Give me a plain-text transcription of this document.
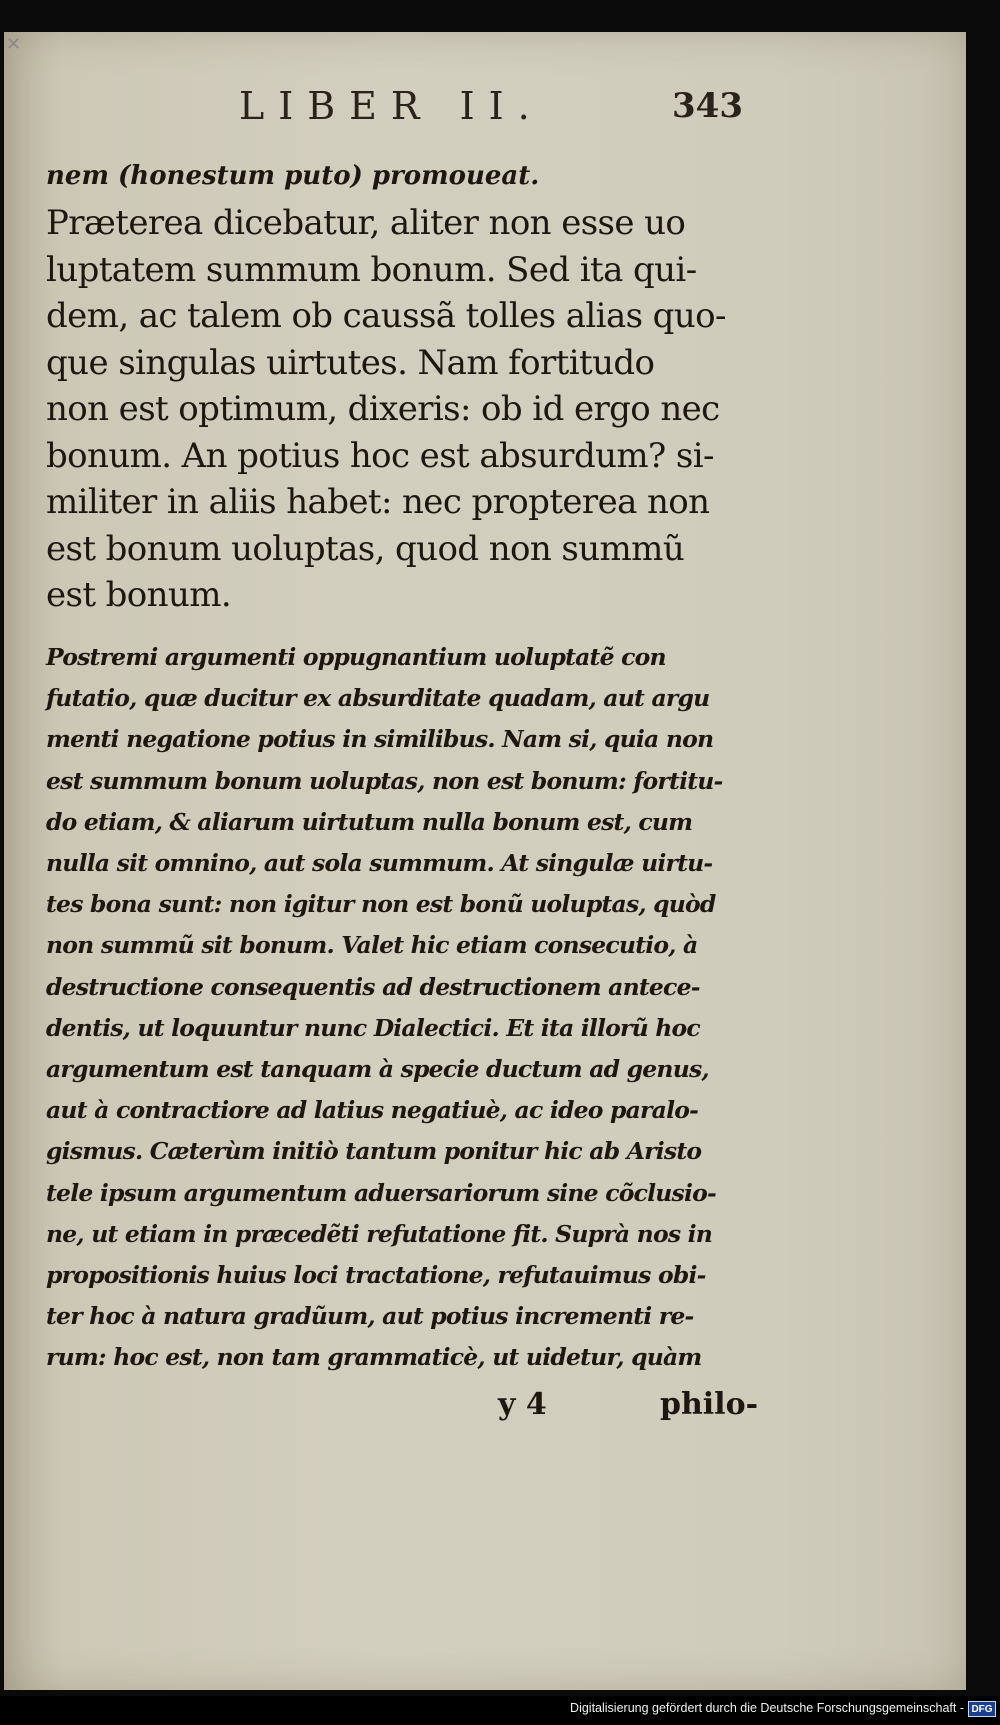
✕
LIBER II.	343
nem (honestum puto) promoueat.
Præterea dicebatur, aliter non esse uo
luptatem summum bonum. Sed ita qui-
dem, ac talem ob caussã tolles alias quo-
que singulas uirtutes. Nam fortitudo
non est optimum, dixeris: ob id ergo nec
bonum. An potius hoc est absurdum? si-
militer in aliis habet: nec propterea non
est bonum uoluptas, quod non summũ
est bonum.
Postremi argumenti oppugnantium uoluptatẽ con
futatio, quæ ducitur ex absurditate quadam, aut argu
menti negatione potius in similibus. Nam si, quia non
est summum bonum uoluptas, non est bonum: fortitu-
do etiam, & aliarum uirtutum nulla bonum est, cum
nulla sit omnino, aut sola summum. At singulæ uirtu-
tes bona sunt: non igitur non est bonũ uoluptas, quòd
non summũ sit bonum. Valet hic etiam consecutio, à
destructione consequentis ad destructionem antece-
dentis, ut loquuntur nunc Dialectici. Et ita illorũ hoc
argumentum est tanquam à specie ductum ad genus,
aut à contractiore ad latius negatiuè, ac ideo paralo-
gismus. Cæterùm initiò tantum ponitur hic ab Aristo
tele ipsum argumentum aduersariorum sine cõclusio-
ne, ut etiam in præcedẽti refutatione fit. Suprà nos in
propositionis huius loci tractatione, refutauimus obi-
ter hoc à natura gradũum, aut potius incrementi re-
rum: hoc est, non tam grammaticè, ut uidetur, quàm
y 4	philo-
Digitalisierung gefördert durch die Deutsche Forschungsgemeinschaft - DFG
